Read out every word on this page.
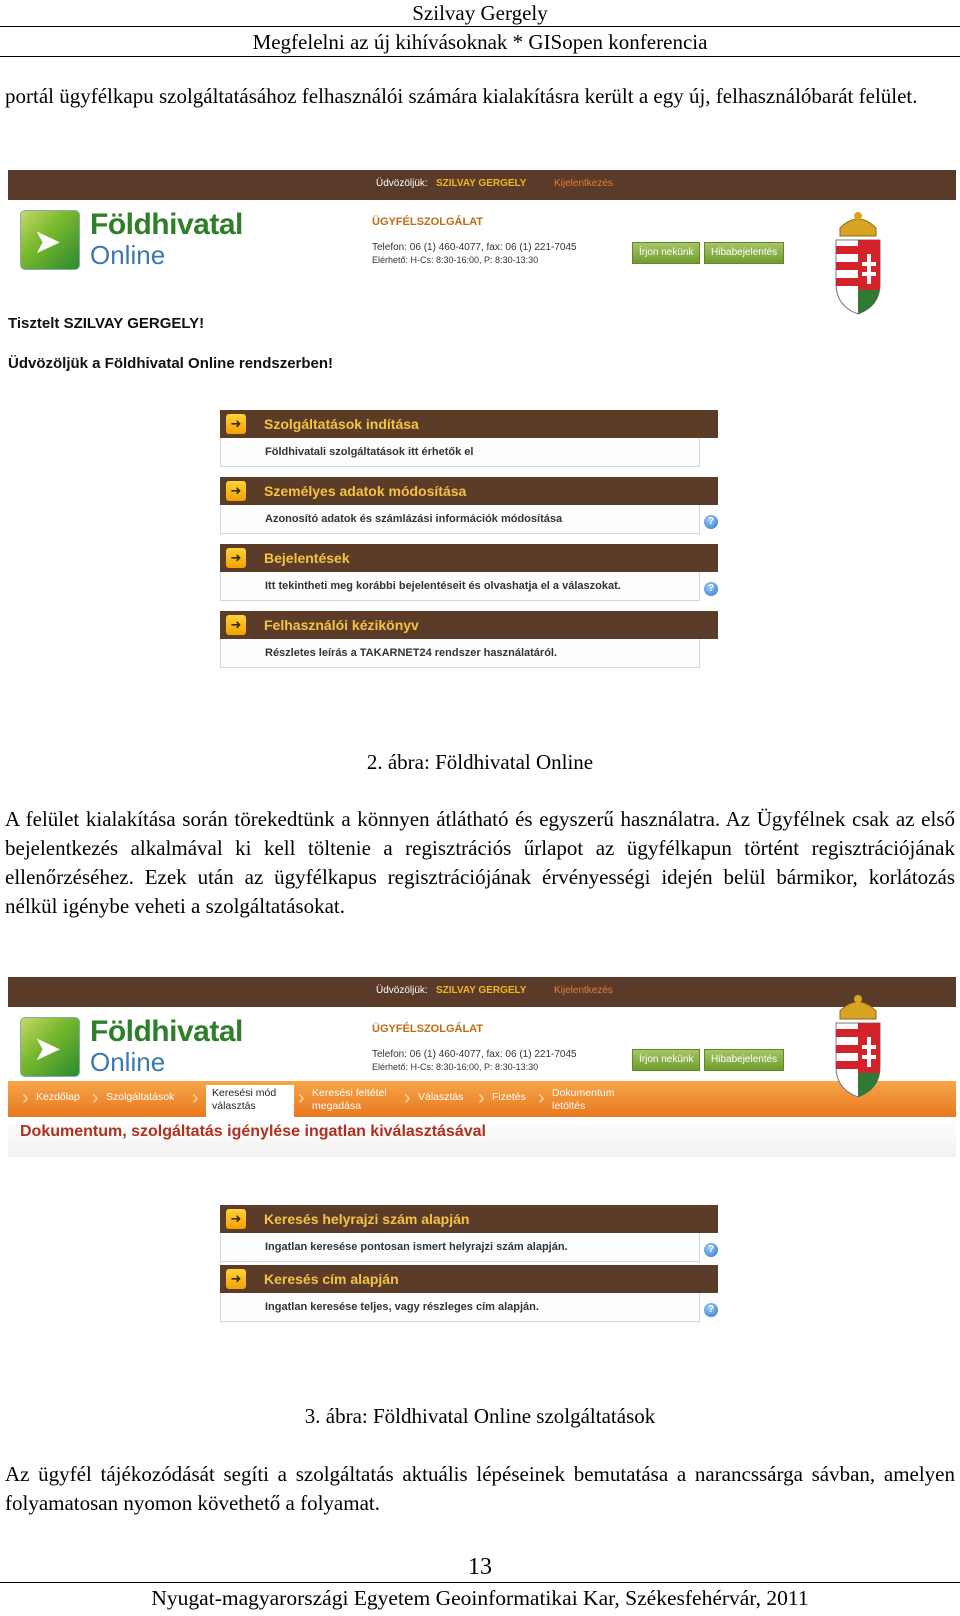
Szilvay Gergely
Megfelelni az új kihívásoknak * GISopen konferencia
portál ügyfélkapu szolgáltatásához felhasználói számára kialakításra került a egy új, felhasználóbarát felület.
Üdvözöljük: SZILVAY GERGELY	Kijelentkezés
➤ Földhivatal
Online
ÜGYFÉLSZOLGÁLAT
Telefon: 06 (1) 460-4077, fax: 06 (1) 221-7045
Elérhető: H-Cs: 8:30-16:00, P: 8:30-13:30
Írjon nekünk	Hibabejelentés
Tisztelt SZILVAY GERGELY!
Üdvözöljük a Földhivatal Online rendszerben!
➜	Szolgáltatások indítása
Földhivatali szolgáltatások itt érhetők el
➜	Személyes adatok módosítása
Azonosító adatok és számlázási információk módosítása	?
➜	Bejelentések
Itt tekintheti meg korábbi bejelentéseit és olvashatja el a válaszokat.	?
➜	Felhasználói kézikönyv
Részletes leírás a TAKARNET24 rendszer használatáról.
2. ábra: Földhivatal Online
A felület kialakítása során törekedtünk a könnyen átlátható és egyszerű használatra. Az Ügyfélnek csak az első bejelentkezés alkalmával ki kell töltenie a regisztrációs űrlapot az ügyfélkapun történt regisztrációjának ellenőrzéséhez. Ezek után az ügyfélkapus regisztrációjának érvényességi idején belül bármikor, korlátozás nélkül igénybe veheti a szolgáltatásokat.
Üdvözöljük: SZILVAY GERGELY	Kijelentkezés
➤ Földhivatal
Online
ÜGYFÉLSZOLGÁLAT
Telefon: 06 (1) 460-4077, fax: 06 (1) 221-7045
Elérhető: H-Cs: 8:30-16:00, P: 8:30-13:30
Írjon nekünk	Hibabejelentés
› Kezdőlap › Szolgáltatások › Keresési mód
választás	› Keresési feltétel
megadása	› Választás › Fizetés › Dokumentum
letöltés
Dokumentum, szolgáltatás igénylése ingatlan kiválasztásával
➜	Keresés helyrajzi szám alapján
Ingatlan keresése pontosan ismert helyrajzi szám alapján.	?
➜	Keresés cím alapján
Ingatlan keresése teljes, vagy részleges cím alapján.	?
3. ábra: Földhivatal Online szolgáltatások
Az ügyfél tájékozódását segíti a szolgáltatás aktuális lépéseinek bemutatása a narancssárga sávban, amelyen folyamatosan nyomon követhető a folyamat.
13
Nyugat-magyarországi Egyetem Geoinformatikai Kar, Székesfehérvár, 2011
